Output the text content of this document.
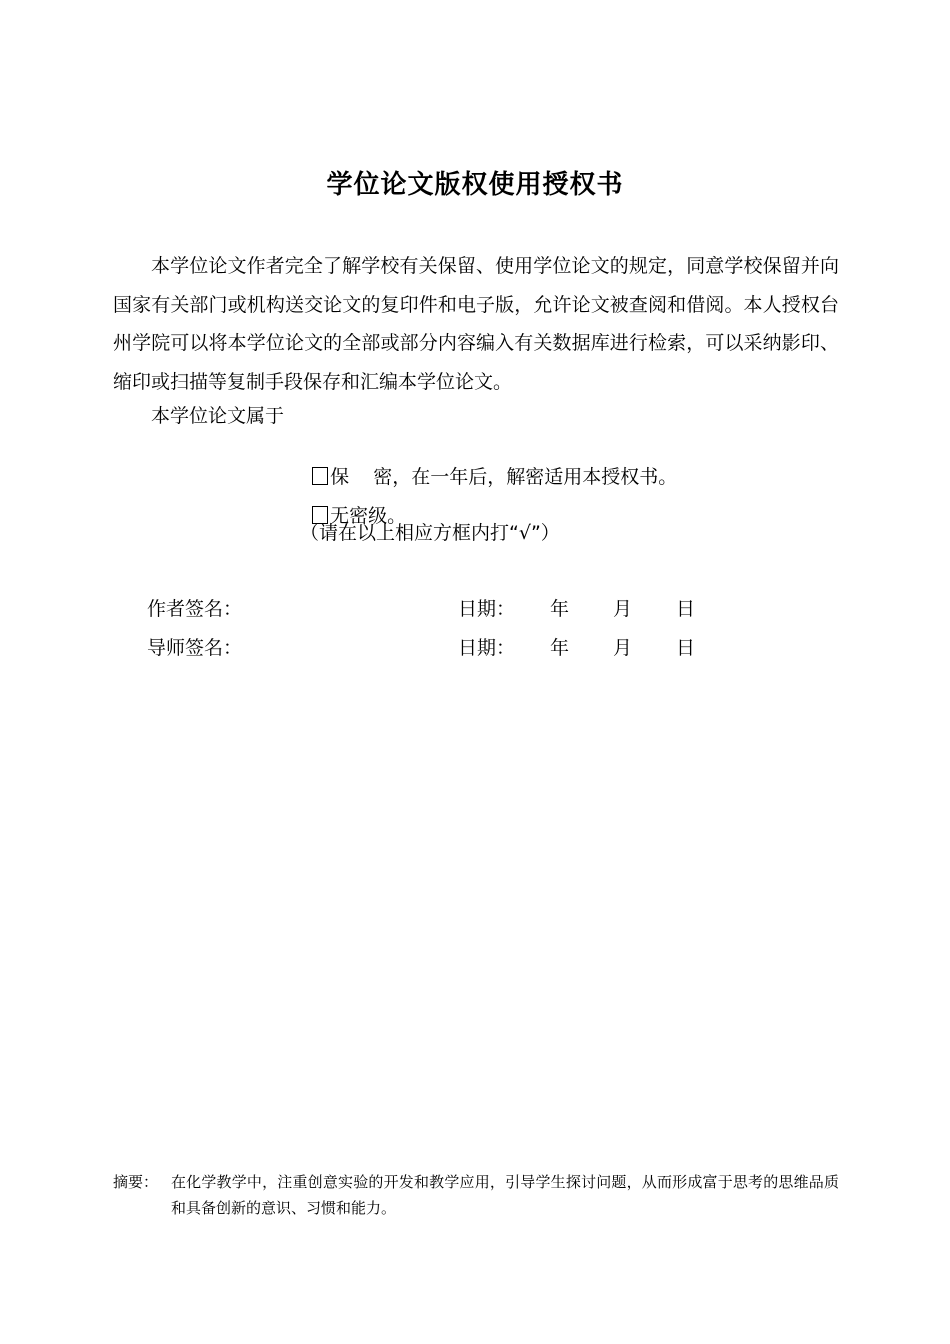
学位论文版权使用授权书

本学位论文作者完全了解学校有关保留、使用学位论文的规定，同意学校保留并向国家有关部门或机构送交论文的复印件和电子版，允许论文被查阅和借阅。本人授权台州学院可以将本学位论文的全部或部分内容编入有关数据库进行检索，可以采纳影印、缩印或扫描等复制手段保存和汇编本学位论文。

本学位论文属于

保    密，在一年后，解密适用本授权书。

无密级。

（请在以上相应方框内打“√”）
作者签名：	日期： 年 月 日
导师签名：	日期： 年 月 日
摘要： 在化学教学中，注重创意实验的开发和教学应用，引导学生探讨问题，从而形成富于思考的思维品质和具备创新的意识、习惯和能力。
